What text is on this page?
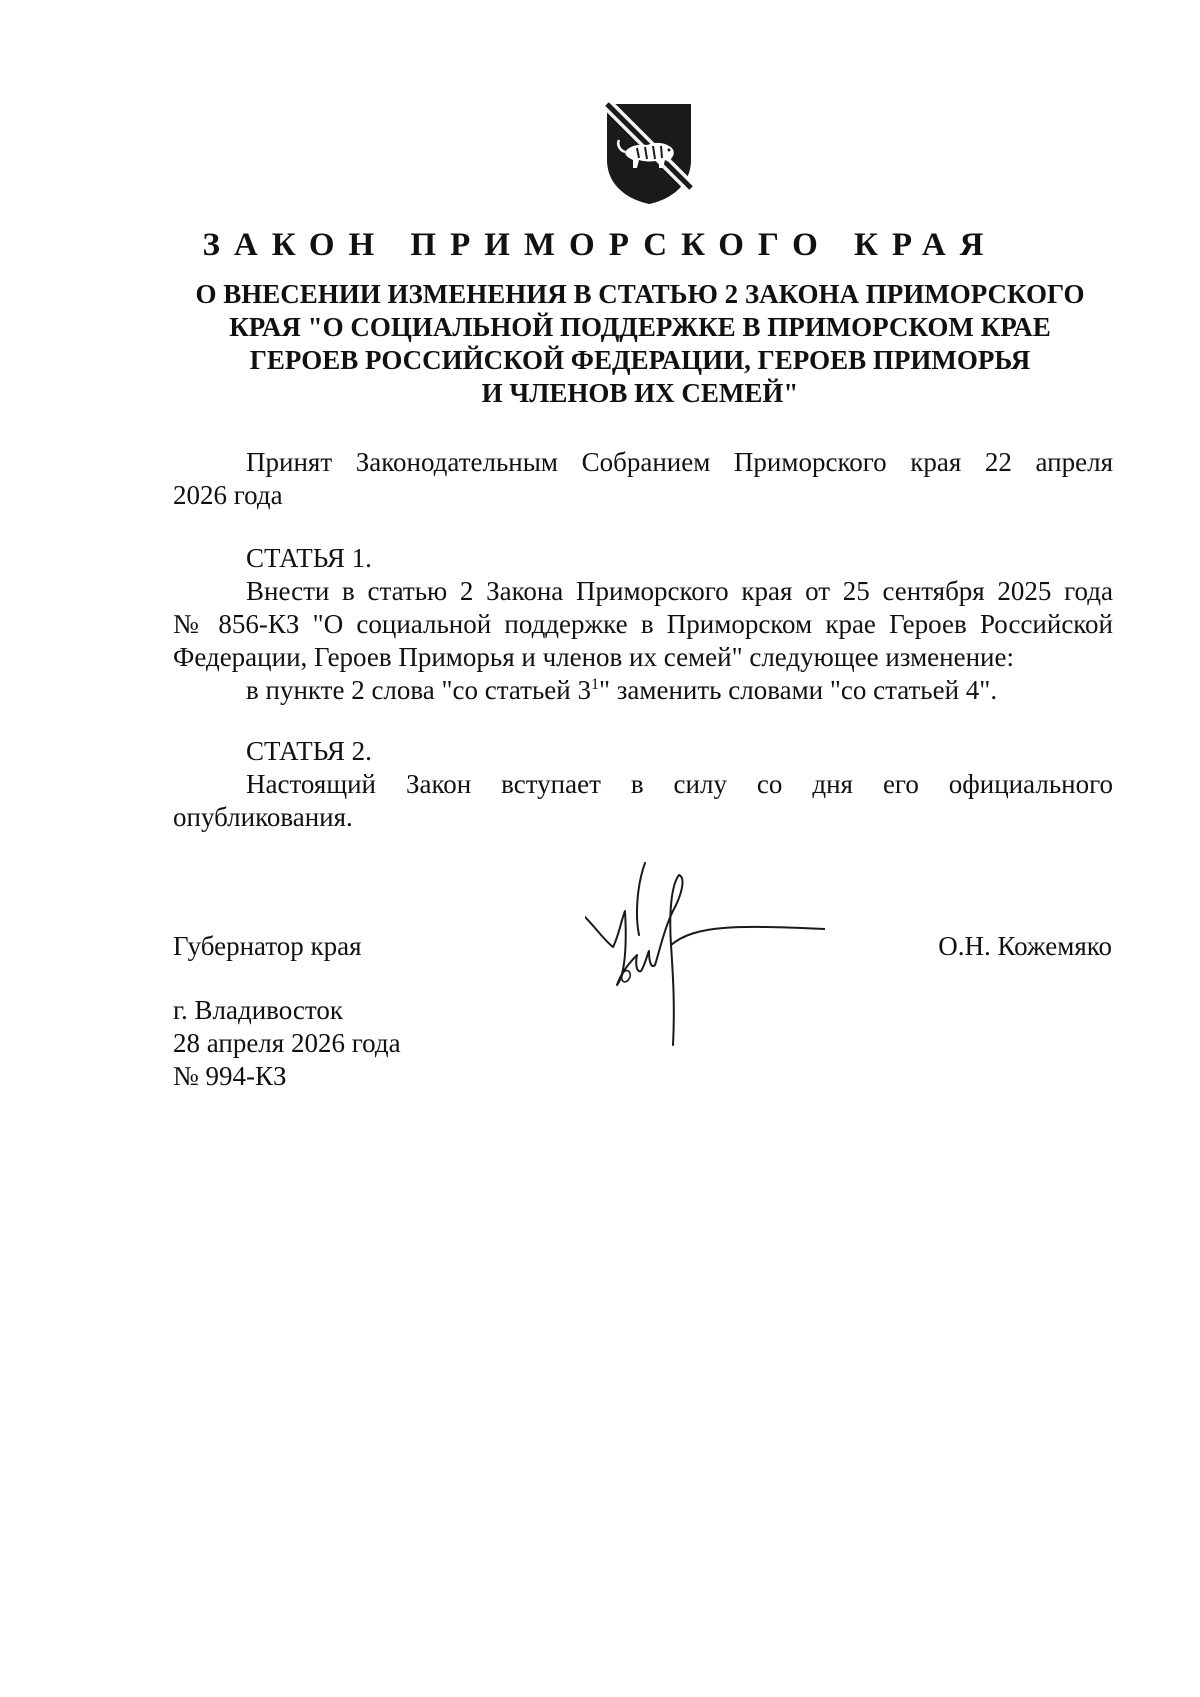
ЗАКОН ПРИМОРСКОГО КРАЯ
О ВНЕСЕНИИ ИЗМЕНЕНИЯ В СТАТЬЮ 2 ЗАКОНА ПРИМОРСКОГО
КРАЯ "О СОЦИАЛЬНОЙ ПОДДЕРЖКЕ В ПРИМОРСКОМ КРАЕ
ГЕРОЕВ РОССИЙСКОЙ ФЕДЕРАЦИИ, ГЕРОЕВ ПРИМОРЬЯ
И ЧЛЕНОВ ИХ СЕМЕЙ"

Принят Законодательным Собранием Приморского края 22 апреля
2026 года

СТАТЬЯ 1.

Внести в статью 2 Закона Приморского края от 25 сентября 2025 года
№ 856-КЗ "О социальной поддержке в Приморском крае Героев Российской
Федерации, Героев Приморья и членов их семей" следующее изменение:
в пункте 2 слова "со статьей $3^1$" заменить словами "со статьей 4".

СТАТЬЯ 2.

Настоящий Закон вступает в силу со дня его официального
опубликования.

Губернатор края	О.Н. Кожемяко

г. Владивосток
28 апреля 2026 года
№ 994-КЗ
